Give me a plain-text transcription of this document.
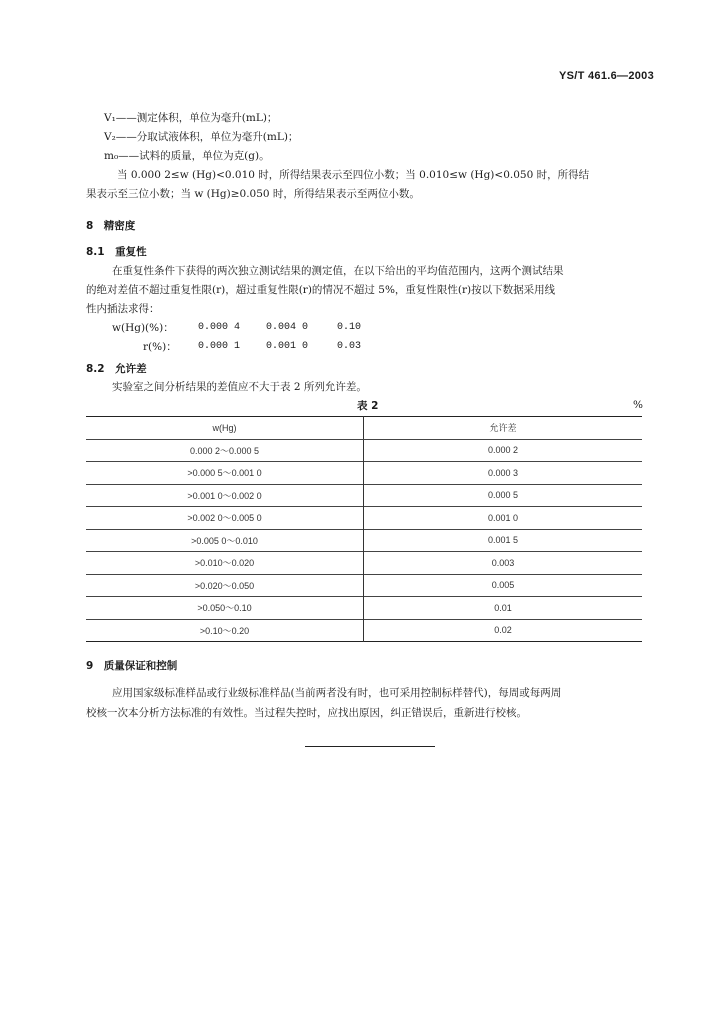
YS/T 461.6—2003
V₁——测定体积，单位为毫升(mL)；
V₂——分取试液体积，单位为毫升(mL)；
m₀——试料的质量，单位为克(g)。
当 0.000 2≤w (Hg)<0.010 时，所得结果表示至四位小数；当 0.010≤w (Hg)<0.050 时，所得结
果表示至三位小数；当 w (Hg)≥0.050 时，所得结果表示至两位小数。
8　精密度
8.1　重复性
在重复性条件下获得的两次独立测试结果的测定值，在以下给出的平均值范围内，这两个测试结果
的绝对差值不超过重复性限(r)，超过重复性限(r)的情况不超过 5%，重复性限性(r)按以下数据采用线
性内插法求得：
w(Hg)(%)： 0.000 4	0.004 0	0.10
r(%)： 0.000 1	0.001 0	0.03
8.2　允许差
实验室之间分析结果的差值应不大于表 2 所列允许差。
表 2	%
w(Hg)	允许差
0.000 2～0.000 5	0.000 2
>0.000 5～0.001 0	0.000 3
>0.001 0～0.002 0	0.000 5
>0.002 0～0.005 0	0.001 0
>0.005 0～0.010	0.001 5
>0.010～0.020	0.003
>0.020～0.050	0.005
>0.050～0.10	0.01
>0.10～0.20	0.02
9　质量保证和控制
应用国家级标准样品或行业级标准样品(当前两者没有时，也可采用控制标样替代)，每周或每两周
校核一次本分析方法标准的有效性。当过程失控时，应找出原因，纠正错误后，重新进行校核。
